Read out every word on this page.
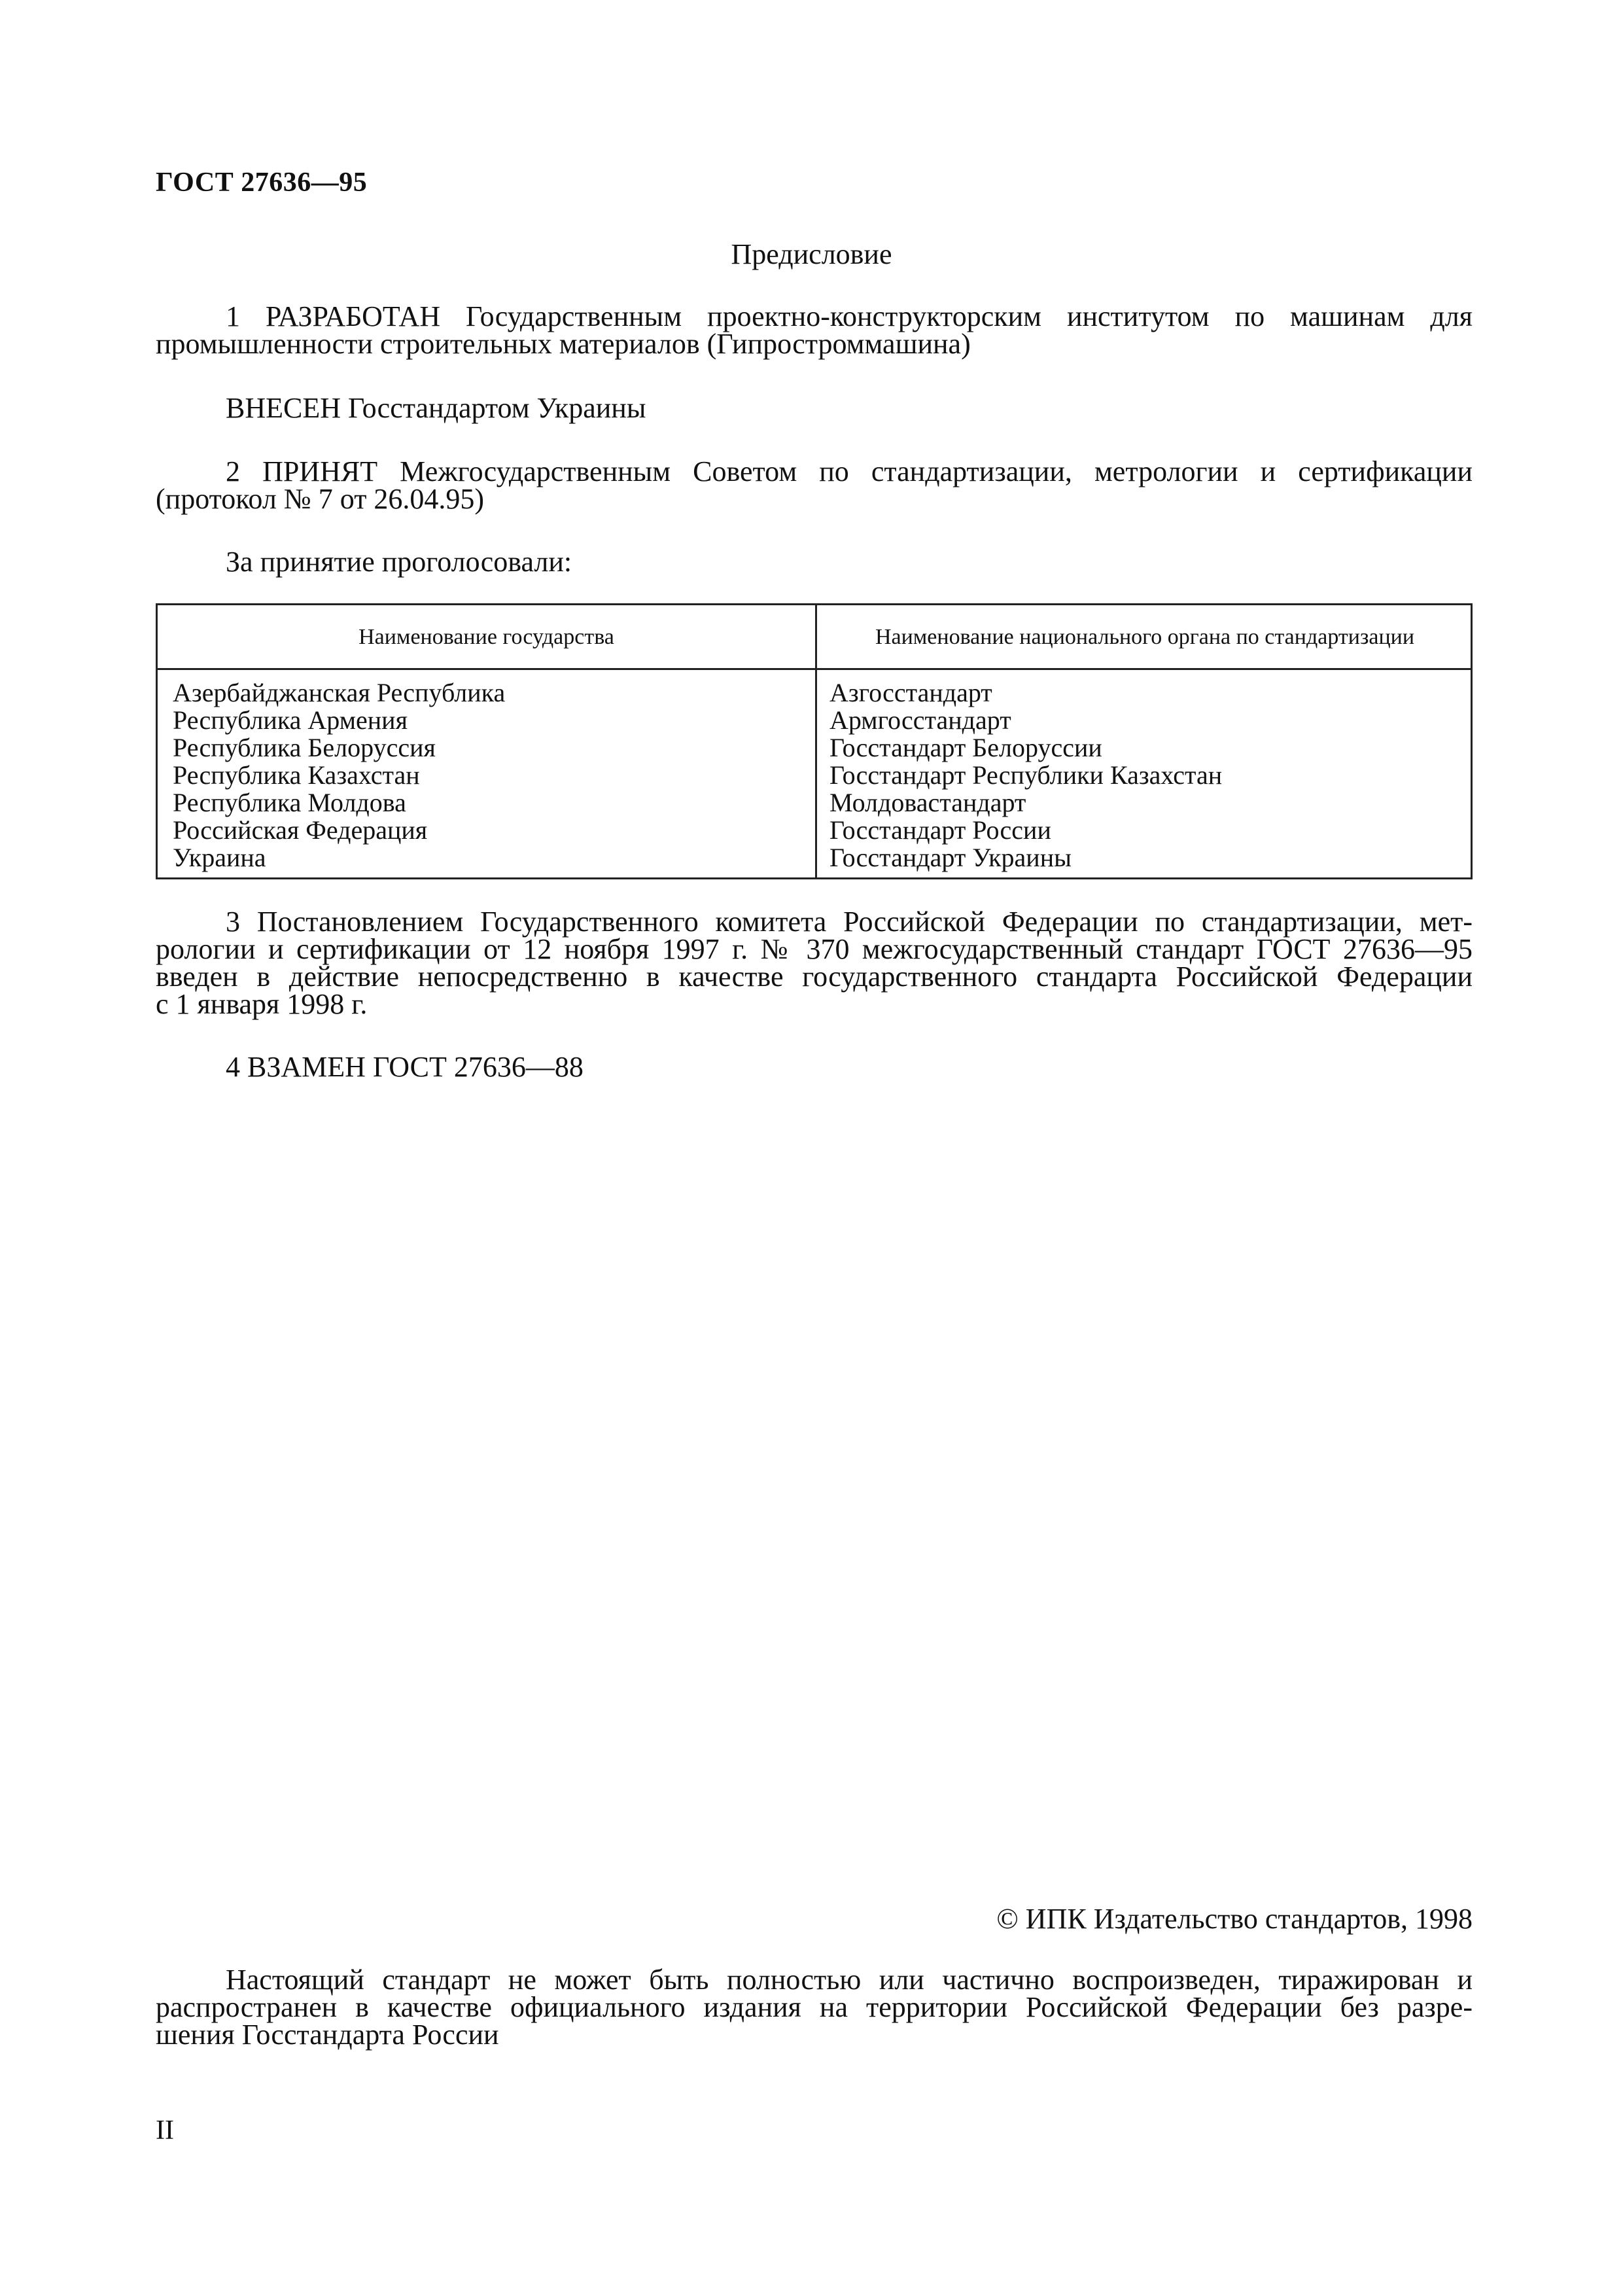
ГОСТ 27636—95
Предисловие
1 РАЗРАБОТАН Государственным проектно-конструкторским институтом по машинам для
промышленности строительных материалов (Гипростроммашина)
ВНЕСЕН Госстандартом Украины
2 ПРИНЯТ Межгосударственным Советом по стандартизации, метрологии и сертификации
(протокол № 7 от 26.04.95)
За принятие проголосовали:
Наименование государства	Наименование национального органа по стандартизации
Азербайджанская Республика
Республика Армения
Республика Белоруссия
Республика Казахстан
Республика Молдова
Российская Федерация
Украина
Азгосстандарт
Армгосстандарт
Госстандарт Белоруссии
Госстандарт Республики Казахстан
Молдовастандарт
Госстандарт России
Госстандарт Украины
3 Постановлением Государственного комитета Российской Федерации по стандартизации, мет-
рологии и сертификации от 12 ноября 1997 г. № 370 межгосударственный стандарт ГОСТ 27636—95
введен в действие непосредственно в качестве государственного стандарта Российской Федерации
с 1 января 1998 г.
4 ВЗАМЕН ГОСТ 27636—88
© ИПК Издательство стандартов, 1998
Настоящий стандарт не может быть полностью или частично воспроизведен, тиражирован и
распространен в качестве официального издания на территории Российской Федерации без разре-
шения Госстандарта России
II
